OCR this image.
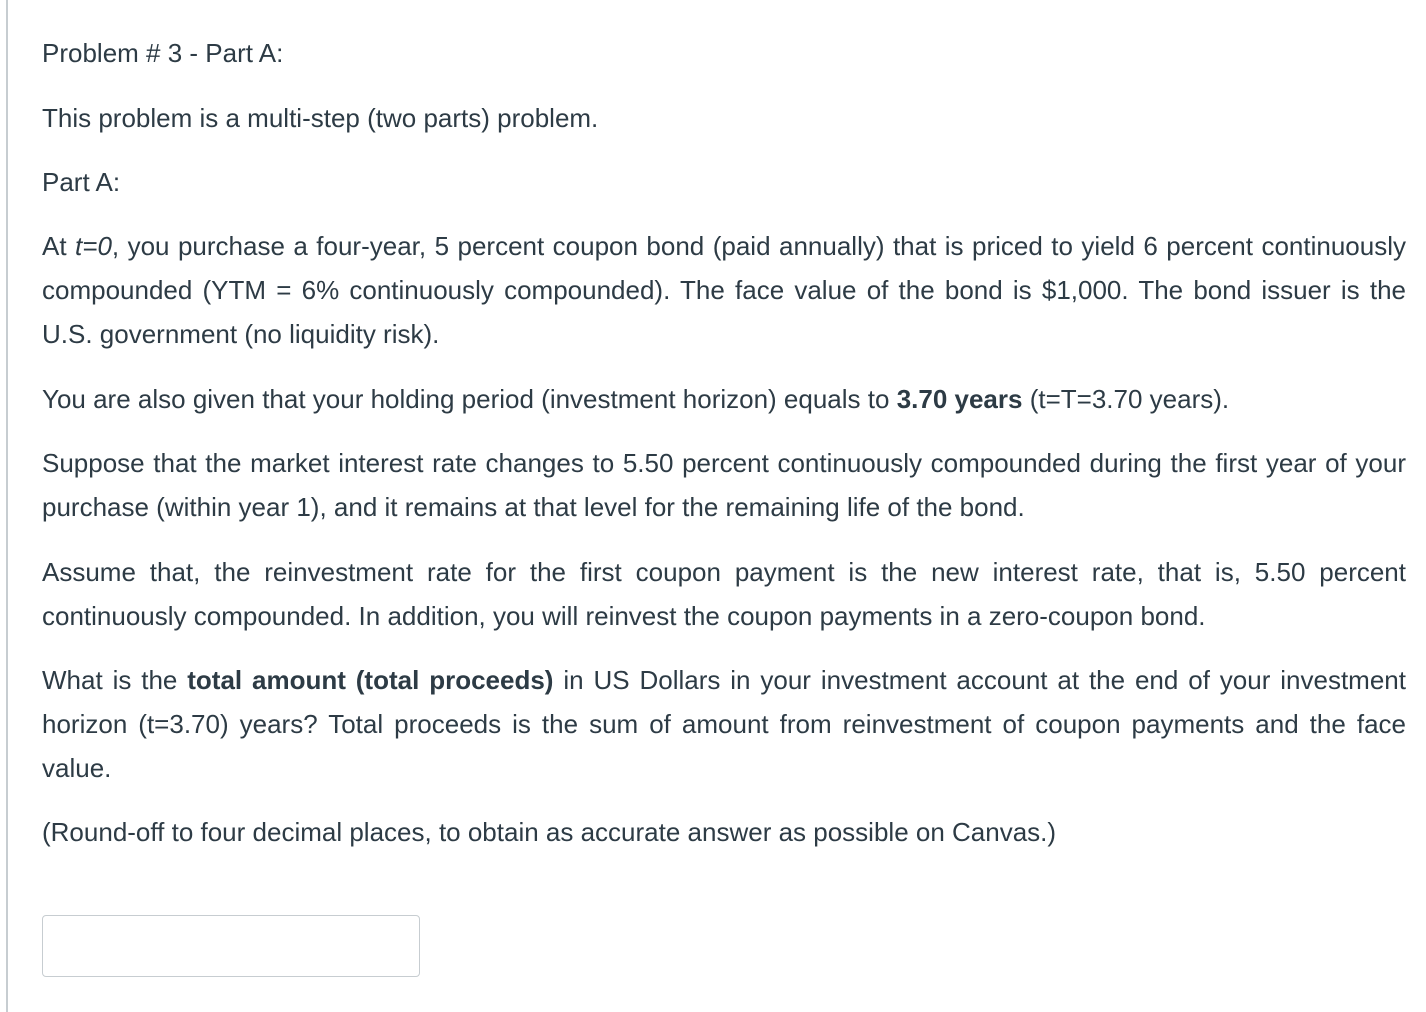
Problem # 3 - Part A:

This problem is a multi-step (two parts) problem.

Part A:

At t=0, you purchase a four-year, 5 percent coupon bond (paid annually) that is priced to yield 6 percent continuously compounded (YTM = 6% continuously compounded). The face value of the bond is $1,000. The bond issuer is the U.S. government (no liquidity risk).

You are also given that your holding period (investment horizon) equals to 3.70 years (t=T=3.70 years).

Suppose that the market interest rate changes to 5.50 percent continuously compounded during the first year of your purchase (within year 1), and it remains at that level for the remaining life of the bond.

Assume that, the reinvestment rate for the first coupon payment is the new interest rate, that is, 5.50 percent continuously compounded. In addition, you will reinvest the coupon payments in a zero-coupon bond.

What is the total amount (total proceeds) in US Dollars in your investment account at the end of your investment horizon (t=3.70) years? Total proceeds is the sum of amount from reinvestment of coupon payments and the face value.

(Round-off to four decimal places, to obtain as accurate answer as possible on Canvas.)
